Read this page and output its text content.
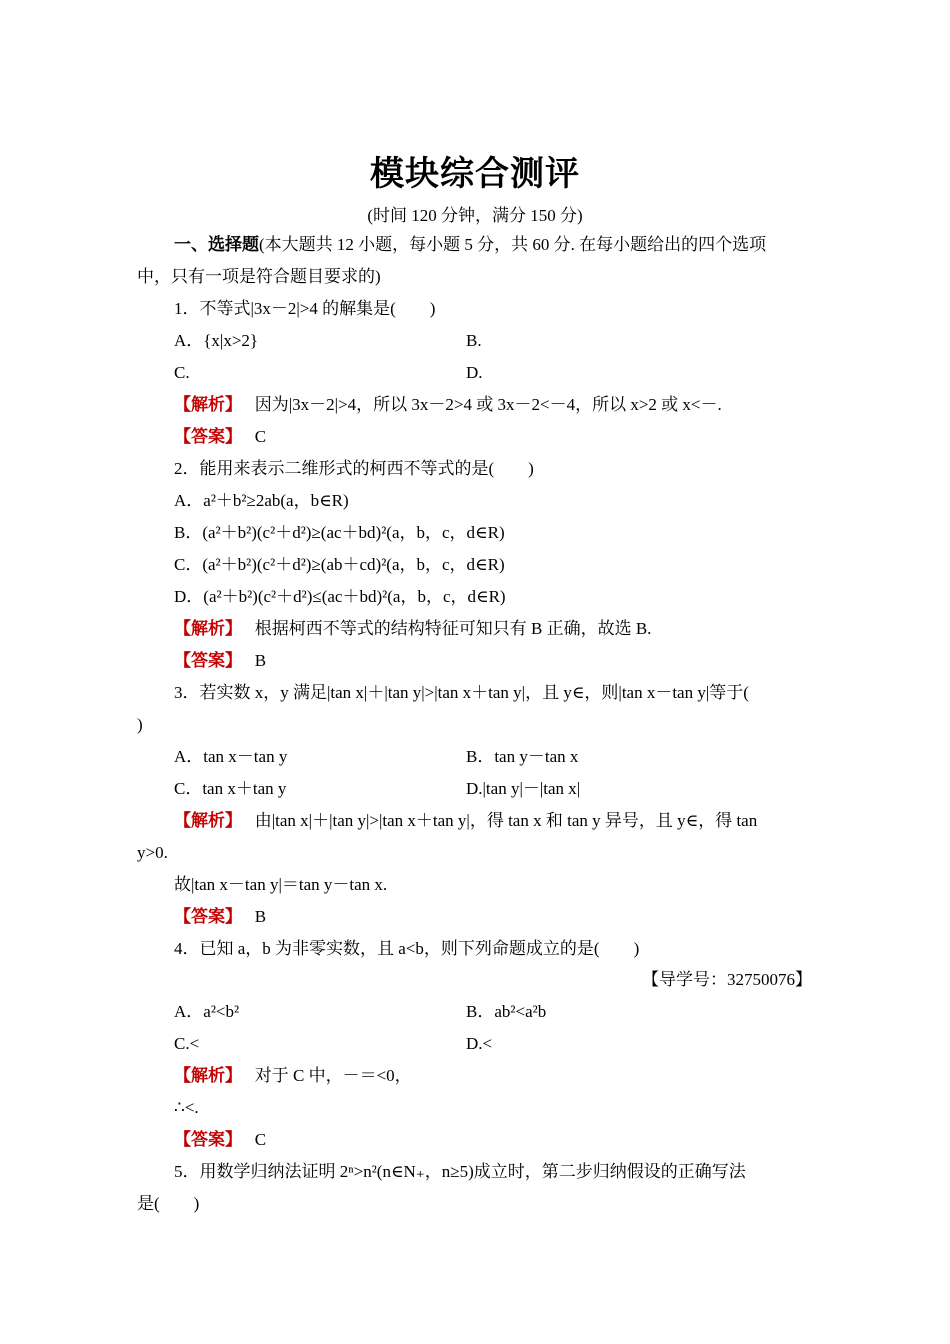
模块综合测评
(时间 120 分钟，满分 150 分)
一、选择题(本大题共 12 小题，每小题 5 分，共 60 分. 在每小题给出的四个选项
中，只有一项是符合题目要求的)
1．不等式|3x－2|>4 的解集是(　　)
A．{x|x>2}	B.
C.	D.
【解析】 因为|3x－2|>4，所以 3x－2>4 或 3x－2<－4，所以 x>2 或 x<－.
【答案】 C
2．能用来表示二维形式的柯西不等式的是(　　)
A．a²＋b²≥2ab(a，b∈R)
B．(a²＋b²)(c²＋d²)≥(ac＋bd)²(a，b，c，d∈R)
C．(a²＋b²)(c²＋d²)≥(ab＋cd)²(a，b，c，d∈R)
D．(a²＋b²)(c²＋d²)≤(ac＋bd)²(a，b，c，d∈R)
【解析】 根据柯西不等式的结构特征可知只有 B 正确，故选 B.
【答案】 B
3．若实数 x，y 满足|tan x|＋|tan y|>|tan x＋tan y|，且 y∈，则|tan x－tan y|等于(
)
A．tan x－tan y	B．tan y－tan x
C．tan x＋tan y	D.|tan y|－|tan x|
【解析】 由|tan x|＋|tan y|>|tan x＋tan y|，得 tan x 和 tan y 异号，且 y∈，得 tan
y>0.
故|tan x－tan y|＝tan y－tan x.
【答案】 B
4．已知 a，b 为非零实数，且 a<b，则下列命题成立的是(　　)
【导学号：32750076】
A．a²<b²	B．ab²<a²b
C.<	D.<
【解析】 对于 C 中，－＝<0，
∴<.
【答案】 C
5．用数学归纳法证明 2ⁿ>n²(n∈N₊，n≥5)成立时，第二步归纳假设的正确写法
是(　　)
